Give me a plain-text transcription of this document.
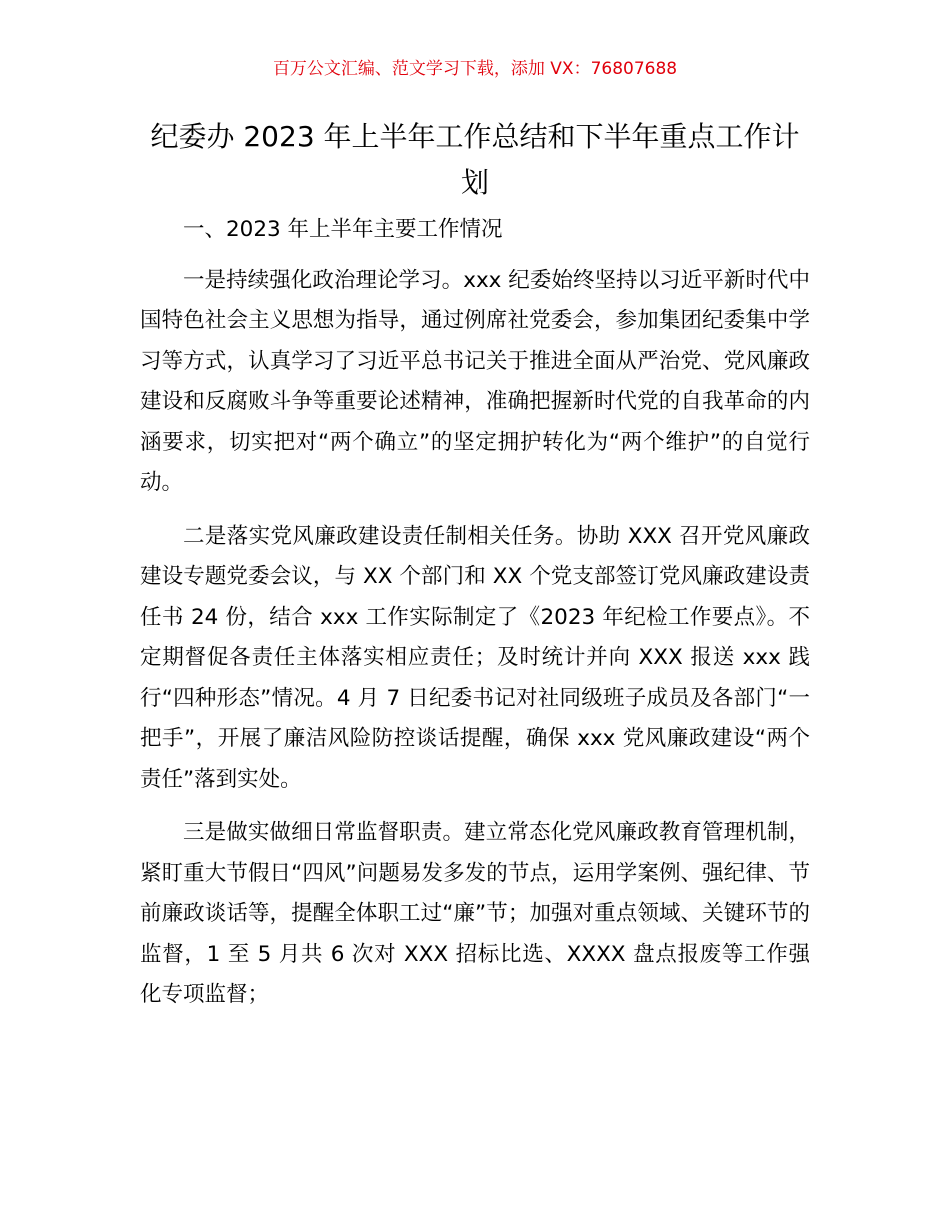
百万公文汇编、范文学习下载，添加 VX：76807688
纪委办 2023 年上半年工作总结和下半年重点工作计划

一、2023 年上半年主要工作情况

一是持续强化政治理论学习。xxx 纪委始终坚持以习近平新时代中国特色社会主义思想为指导，通过例席社党委会，参加集团纪委集中学习等方式，认真学习了习近平总书记关于推进全面从严治党、党风廉政建设和反腐败斗争等重要论述精神，准确把握新时代党的自我革命的内涵要求，切实把对“两个确立”的坚定拥护转化为“两个维护”的自觉行动。

二是落实党风廉政建设责任制相关任务。协助 XXX 召开党风廉政建设专题党委会议，与 XX 个部门和 XX 个党支部签订党风廉政建设责任书 24 份，结合 xxx 工作实际制定了《2023 年纪检工作要点》。不定期督促各责任主体落实相应责任；及时统计并向 XXX 报送 xxx 践行“四种形态”情况。4 月 7 日纪委书记对社同级班子成员及各部门“一把手”，开展了廉洁风险防控谈话提醒，确保 xxx 党风廉政建设“两个责任”落到实处。

三是做实做细日常监督职责。建立常态化党风廉政教育管理机制，紧盯重大节假日“四风”问题易发多发的节点，运用学案例、强纪律、节前廉政谈话等，提醒全体职工过“廉”节；加强对重点领域、关键环节的监督，1 至 5 月共 6 次对 XXX 招标比选、XXXX 盘点报废等工作强化专项监督；
